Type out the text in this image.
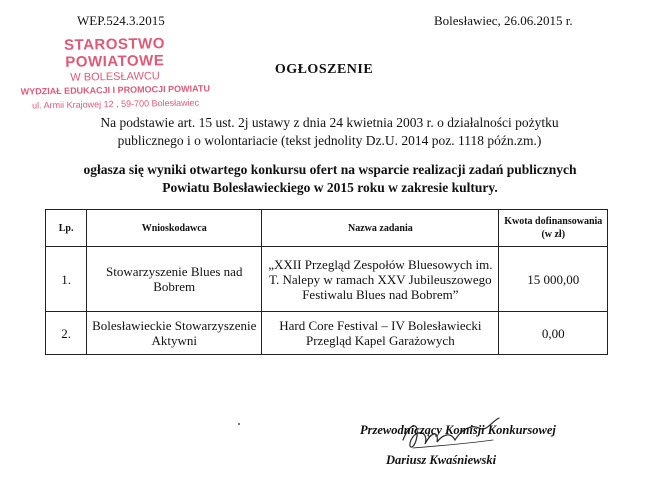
WEP.524.3.2015	Bolesławiec, 26.06.2015 r.
STAROSTWO POWIATOWE
W BOLESŁAWCU
WYDZIAŁ EDUKACJI I PROMOCJI POWIATU
ul. Armii Krajowej 12 , 59-700 Bolesławiec
OGŁOSZENIE
Na podstawie art. 15 ust. 2j ustawy z dnia 24 kwietnia 2003 r. o działalności pożytku publicznego i o wolontariacie (tekst jednolity Dz.U. 2014 poz. 1118 późn.zm.)
ogłasza się wyniki otwartego konkursu ofert na wsparcie realizacji zadań publicznych Powiatu Bolesławieckiego w 2015 roku w zakresie kultury.
Lp.	Wnioskodawca	Nazwa zadania	Kwota dofinansowania (w zł)
1.	Stowarzyszenie Blues nad Bobrem	„XXII Przegląd Zespołów Bluesowych im. T. Nalepy w ramach XXV Jubileuszowego Festiwalu Blues nad Bobrem”	15 000,00
2.	Bolesławieckie Stowarzyszenie Aktywni	Hard Core Festival – IV Bolesławiecki Przegląd Kapel Garażowych	0,00
Przewodniczący Komisji Konkursowej
Dariusz Kwaśniewski
